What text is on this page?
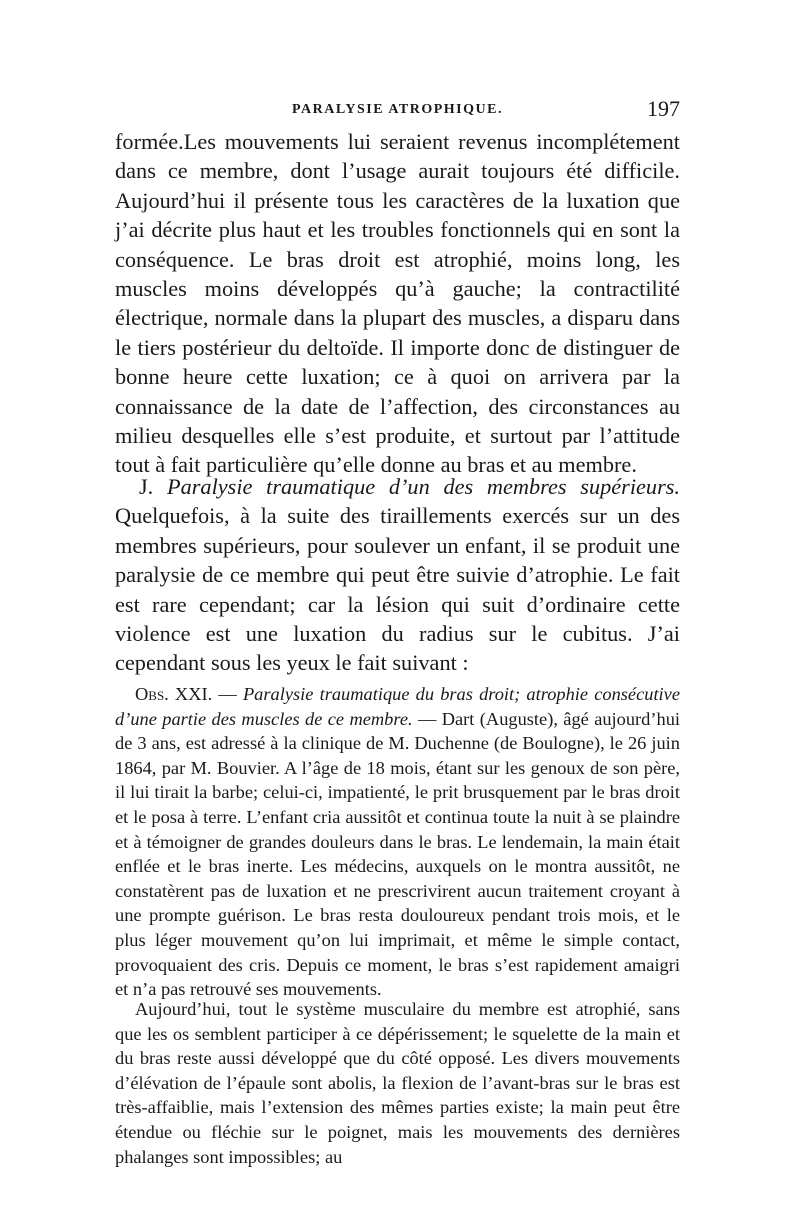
PARALYSIE ATROPHIQUE.	197

formée.Les mouvements lui seraient revenus incomplétement dans ce membre, dont l’usage aurait toujours été difficile. Aujourd’hui il présente tous les caractères de la luxation que j’ai décrite plus haut et les troubles fonctionnels qui en sont la conséquence. Le bras droit est atrophié, moins long, les muscles moins développés qu’à gauche; la contractilité électrique, normale dans la plupart des muscles, a disparu dans le tiers postérieur du deltoïde. Il importe donc de distinguer de bonne heure cette luxation; ce à quoi on arrivera par la connaissance de la date de l’affection, des circonstances au milieu desquelles elle s’est produite, et surtout par l’attitude tout à fait particulière qu’elle donne au bras et au membre.

J. Paralysie traumatique d’un des membres supérieurs. Quelquefois, à la suite des tiraillements exercés sur un des membres supérieurs, pour soulever un enfant, il se produit une paralysie de ce membre qui peut être suivie d’atrophie. Le fait est rare cependant; car la lésion qui suit d’ordinaire cette violence est une luxation du radius sur le cubitus. J’ai cependant sous les yeux le fait suivant :

Obs. XXI. — Paralysie traumatique du bras droit; atrophie consécutive d’une partie des muscles de ce membre. — Dart (Auguste), âgé aujourd’hui de 3 ans, est adressé à la clinique de M. Duchenne (de Boulogne), le 26 juin 1864, par M. Bouvier. A l’âge de 18 mois, étant sur les genoux de son père, il lui tirait la barbe; celui-ci, impatienté, le prit brusquement par le bras droit et le posa à terre. L’enfant cria aussitôt et continua toute la nuit à se plaindre et à témoigner de grandes douleurs dans le bras. Le lendemain, la main était enflée et le bras inerte. Les médecins, auxquels on le montra aussitôt, ne constatèrent pas de luxation et ne prescrivirent aucun traitement croyant à une prompte guérison. Le bras resta douloureux pendant trois mois, et le plus léger mouvement qu’on lui imprimait, et même le simple contact, provoquaient des cris. Depuis ce moment, le bras s’est rapidement amaigri et n’a pas retrouvé ses mouvements.

Aujourd’hui, tout le système musculaire du membre est atrophié, sans que les os semblent participer à ce dépérissement; le squelette de la main et du bras reste aussi développé que du côté opposé. Les divers mouvements d’élévation de l’épaule sont abolis, la flexion de l’avant-bras sur le bras est très-affaiblie, mais l’extension des mêmes parties existe; la main peut être étendue ou fléchie sur le poignet, mais les mouvements des dernières phalanges sont impossibles; au
